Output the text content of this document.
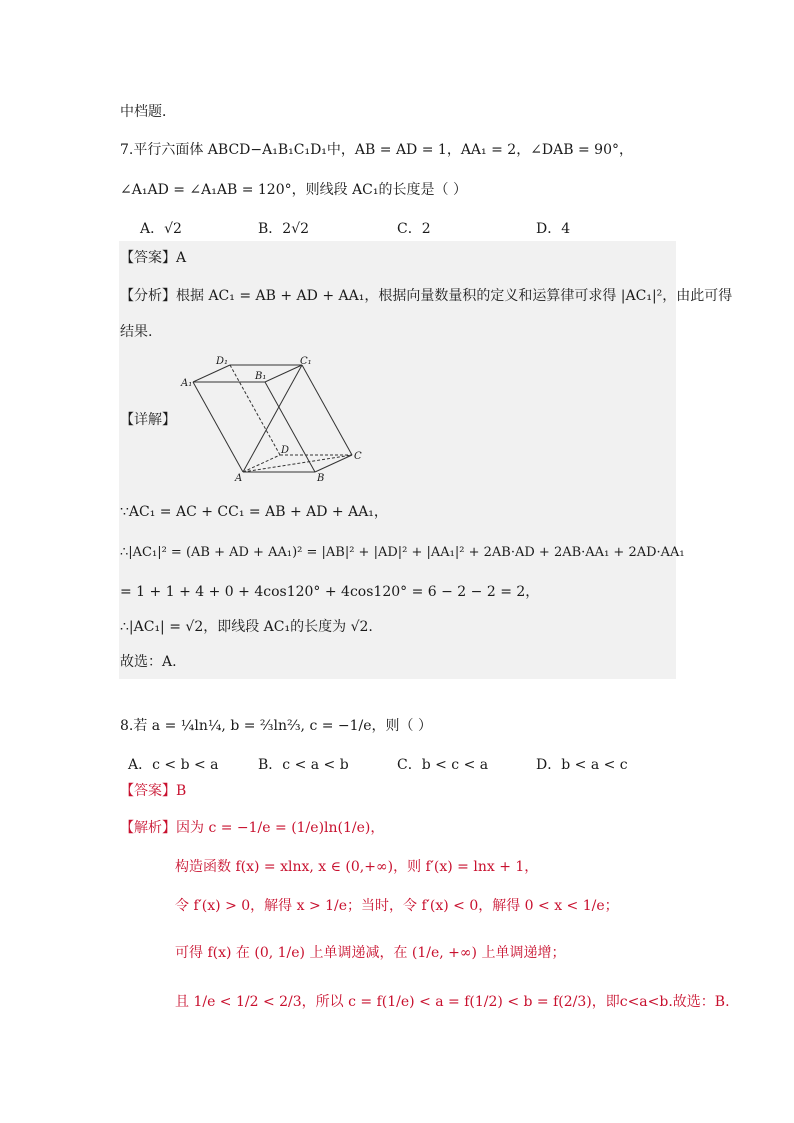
中档题．
7.平行六面体 ABCD−A₁B₁C₁D₁中，AB = AD = 1，AA₁ = 2，∠DAB = 90°，
∠A₁AD = ∠A₁AB = 120°，则线段 AC₁的长度是（ ）
A．√2	B．2√2	C．2	D．4
【答案】A
【分析】根据 AC₁ = AB + AD + AA₁，根据向量数量积的定义和运算律可求得 |AC₁|²，由此可得
结果.
【详解】
D₁	C₁
A₁
B₁
D
C
A	B
∵AC₁ = AC + CC₁ = AB + AD + AA₁，
∴|AC₁|² = (AB + AD + AA₁)² = |AB|² + |AD|² + |AA₁|² + 2AB·AD + 2AB·AA₁ + 2AD·AA₁
= 1 + 1 + 4 + 0 + 4cos120° + 4cos120° = 6 − 2 − 2 = 2，
∴|AC₁| = √2，即线段 AC₁的长度为 √2.
故选：A.
8.若 a = ¼ln¼, b = ⅔ln⅔, c = −1/e，则（ ）
A．c < b < a	B．c < a < b	C．b < c < a	D．b < a < c
【答案】B
【解析】因为 c = −1/e = (1/e)ln(1/e)，
构造函数 f(x) = xlnx, x ∈ (0,+∞)，则 f′(x) = lnx + 1，
令 f′(x) > 0，解得 x > 1/e；当时，令 f′(x) < 0，解得 0 < x < 1/e；
可得 f(x) 在 (0, 1/e) 上单调递减，在 (1/e, +∞) 上单调递增；
且 1/e < 1/2 < 2/3，所以 c = f(1/e) < a = f(1/2) < b = f(2/3)，即c<a<b.故选：B.
